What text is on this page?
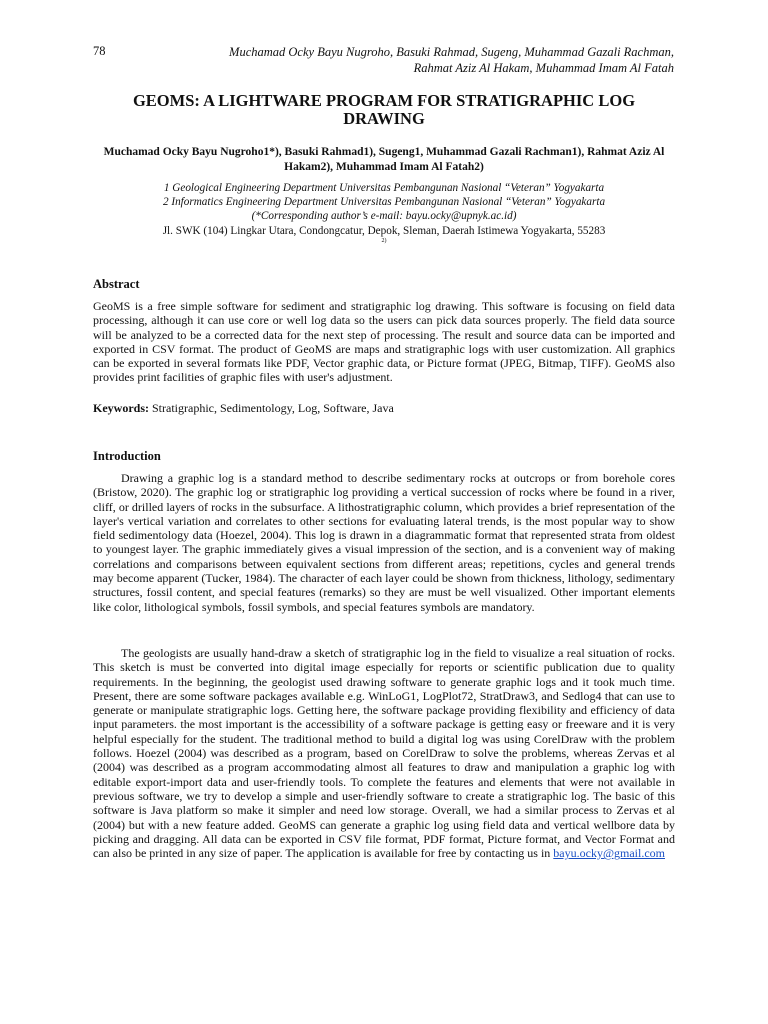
78	Muchamad Ocky Bayu Nugroho, Basuki Rahmad, Sugeng, Muhammad Gazali Rachman,
Rahmat Aziz Al Hakam, Muhammad Imam Al Fatah
GEOMS: A LIGHTWARE PROGRAM FOR STRATIGRAPHIC LOG DRAWING
Muchamad Ocky Bayu Nugroho1*), Basuki Rahmad1), Sugeng1, Muhammad Gazali Rachman1), Rahmat Aziz Al Hakam2), Muhammad Imam Al Fatah2)
1 Geological Engineering Department Universitas Pembangunan Nasional “Veteran” Yogyakarta
2 Informatics Engineering Department Universitas Pembangunan Nasional “Veteran” Yogyakarta
(*Corresponding author’s e-mail: bayu.ocky@upnyk.ac.id)
Jl. SWK (104) Lingkar Utara, Condongcatur, Depok, Sleman, Daerah Istimewa Yogyakarta, 55283
2)
Abstract

GeoMS is a free simple software for sediment and stratigraphic log drawing. This software is focusing on field data processing, although it can use core or well log data so the users can pick data sources properly. The field data source will be analyzed to be a corrected data for the next step of processing. The result and source data can be imported and exported in CSV format. The product of GeoMS are maps and stratigraphic logs with user customization. All graphics can be exported in several formats like PDF, Vector graphic data, or Picture format (JPEG, Bitmap, TIFF). GeoMS also provides print facilities of graphic files with user's adjustment.

Keywords: Stratigraphic, Sedimentology, Log, Software, Java
Introduction

Drawing a graphic log is a standard method to describe sedimentary rocks at outcrops or from borehole cores (Bristow, 2020). The graphic log or stratigraphic log providing a vertical succession of rocks where be found in a river, cliff, or drilled layers of rocks in the subsurface. A lithostratigraphic column, which provides a brief representation of the layer's vertical variation and correlates to other sections for evaluating lateral trends, is the most popular way to show field sedimentology data (Hoezel, 2004). This log is drawn in a diagrammatic format that represented strata from oldest to youngest layer. The graphic immediately gives a visual impression of the section, and is a convenient way of making correlations and comparisons between equivalent sections from different areas; repetitions, cycles and general trends may become apparent (Tucker, 1984). The character of each layer could be shown from thickness, lithology, sedimentary structures, fossil content, and special features (remarks) so they are must be well visualized. Other important elements like color, lithological symbols, fossil symbols, and special features symbols are mandatory.

The geologists are usually hand-draw a sketch of stratigraphic log in the field to visualize a real situation of rocks. This sketch is must be converted into digital image especially for reports or scientific publication due to quality requirements. In the beginning, the geologist used drawing software to generate graphic logs and it took much time. Present, there are some software packages available e.g. WinLoG1, LogPlot72, StratDraw3, and Sedlog4 that can use to generate or manipulate stratigraphic logs. Getting here, the software package providing flexibility and efficiency of data input parameters. the most important is the accessibility of a software package is getting easy or freeware and it is very helpful especially for the student. The traditional method to build a digital log was using CorelDraw with the problem follows. Hoezel (2004) was described as a program, based on CorelDraw to solve the problems, whereas Zervas et al (2004) was described as a program accommodating almost all features to draw and manipulation a graphic log with editable export-import data and user-friendly tools. To complete the features and elements that were not available in previous software, we try to develop a simple and user-friendly software to create a stratigraphic log. The basic of this software is Java platform so make it simpler and need low storage. Overall, we had a similar process to Zervas et al (2004) but with a new feature added. GeoMS can generate a graphic log using field data and vertical wellbore data by picking and dragging. All data can be exported in CSV file format, PDF format, Picture format, and Vector Format and can also be printed in any size of paper. The application is available for free by contacting us in bayu.ocky@gmail.com
